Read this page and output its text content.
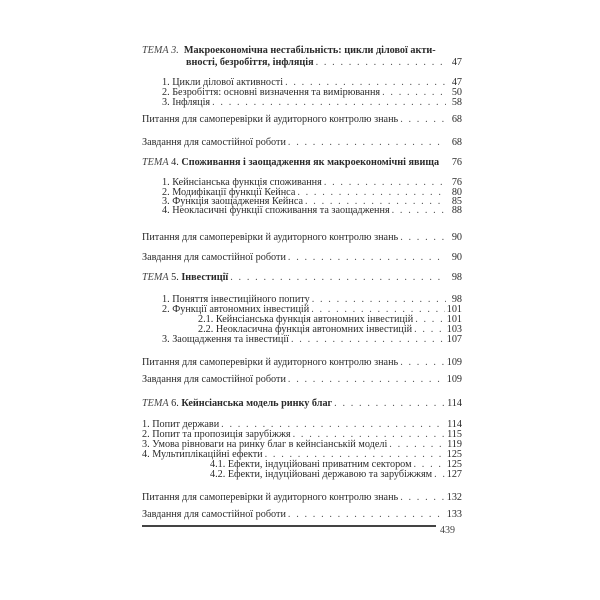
ТЕМА 3. Макроекономічна нестабільність: цикли ділової акти-
вності, безробіття, інфляція . . .	47
1. Цикли ділової активності . . .	47
2. Безробіття: основні визначення та вимірювання . . .	50
3. Інфляція . . .	58
Питання для самоперевірки й аудиторного контролю знань . . .	68
Завдання для самостійної роботи . . .	68
ТЕМА 4. Споживання і заощадження як макроекономічні явища	76
1. Кейнсіанська функція споживання . . .	76
2. Модифікації функції Кейнса . . .	80
3. Функція заощадження Кейнса . . .	85
4. Неокласичні функції споживання та заощадження . . .	88
Питання для самоперевірки й аудиторного контролю знань . . .	90
Завдання для самостійної роботи . . .	90
ТЕМА 5. Інвестиції . . .	98
1. Поняття інвестиційного попиту . . .	98
2. Функції автономних інвестицій . . .	101
2.1. Кейнсіанська функція автономних інвестицій . . .	101
2.2. Неокласична функція автономних інвестицій . . .	103
3. Заощадження та інвестиції . . .	107
Питання для самоперевірки й аудиторного контролю знань . . .	109
Завдання для самостійної роботи . . .	109
ТЕМА 6. Кейнсіанська модель ринку благ . . .	114
1. Попит держави . . .	114
2. Попит та пропозиція зарубіжжя . . .	115
3. Умова рівноваги на ринку благ в кейнсіанській моделі . . .	119
4. Мультиплікаційні ефекти . . .	125
4.1. Ефекти, індуційовані приватним сектором . . .	125
4.2. Ефекти, індуційовані державою та зарубіжжям . . . 127
Питання для самоперевірки й аудиторного контролю знань . . .	132
Завдання для самостійної роботи . . .	133
439
